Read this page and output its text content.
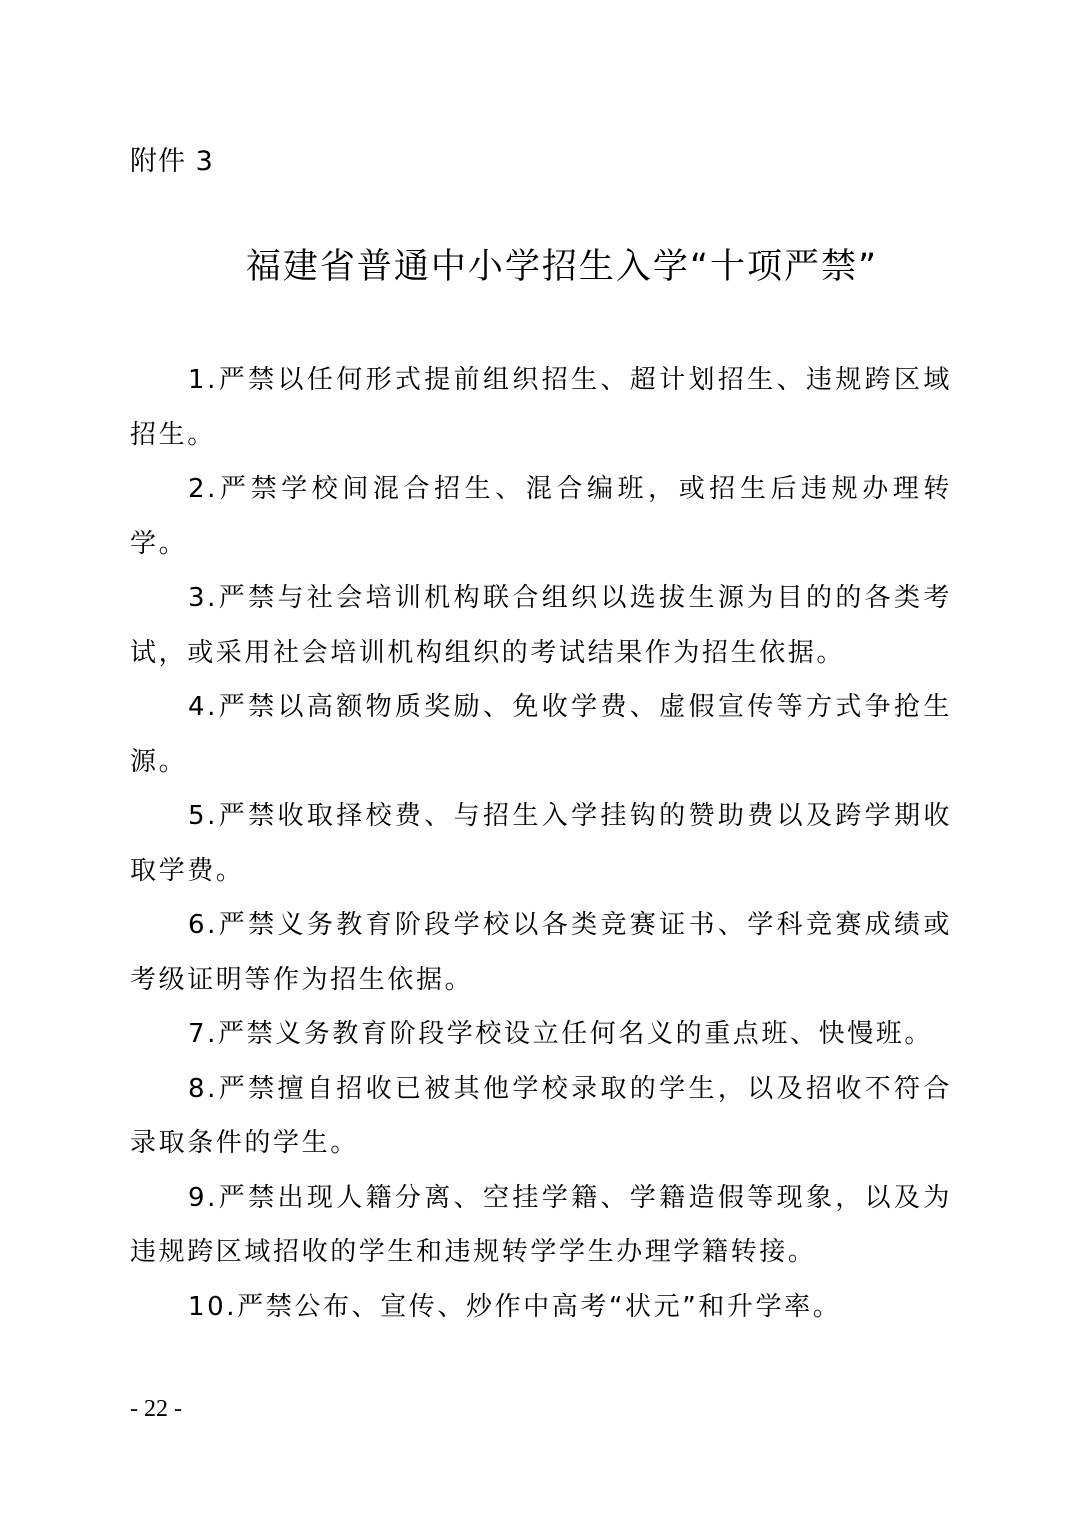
附件 3
福建省普通中小学招生入学“十项严禁”
1.严禁以任何形式提前组织招生、超计划招生、违规跨区域招生。
2.严禁学校间混合招生、混合编班，或招生后违规办理转学。
3.严禁与社会培训机构联合组织以选拔生源为目的的各类考试，或采用社会培训机构组织的考试结果作为招生依据。
4.严禁以高额物质奖励、免收学费、虚假宣传等方式争抢生源。
5.严禁收取择校费、与招生入学挂钩的赞助费以及跨学期收取学费。
6.严禁义务教育阶段学校以各类竞赛证书、学科竞赛成绩或考级证明等作为招生依据。
7.严禁义务教育阶段学校设立任何名义的重点班、快慢班。
8.严禁擅自招收已被其他学校录取的学生，以及招收不符合录取条件的学生。
9.严禁出现人籍分离、空挂学籍、学籍造假等现象，以及为违规跨区域招收的学生和违规转学学生办理学籍转接。
10.严禁公布、宣传、炒作中高考“状元”和升学率。
- 22 -
